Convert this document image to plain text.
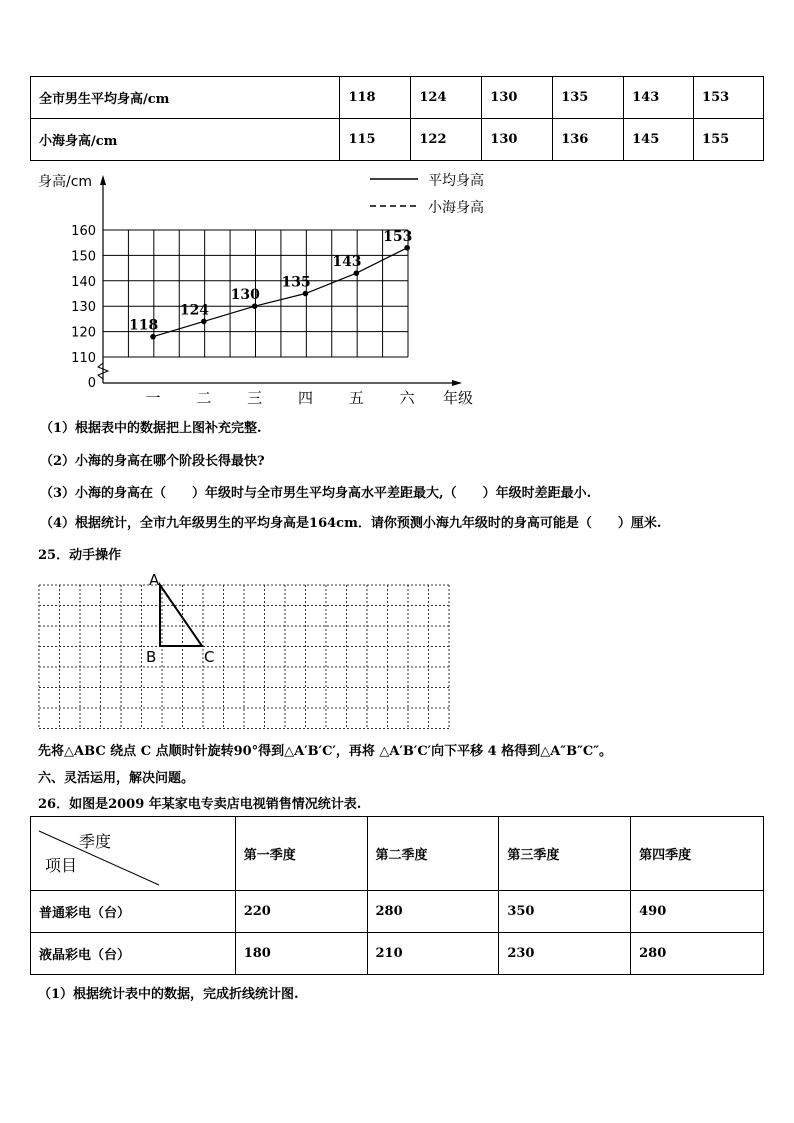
全市男生平均身高/cm	118	124	130	135	143	153
小海身高/cm	115	122	130	136	145	155
身高/cm	平均身高
小海身高
160
150
140
130
120
110
0
一 二 三 四 五 六 年级
118
124
130
135
143
153
（1）根据表中的数据把上图补充完整.
（2）小海的身高在哪个阶段长得最快?
（3）小海的身高在（　　）年级时与全市男生平均身高水平差距最大,（　　）年级时差距最小.
（4）根据统计，全市九年级男生的平均身高是164cm．请你预测小海九年级时的身高可能是（　　）厘米.
25．动手操作
A
B	C
先将△ABC 绕点 C 点顺时针旋转90°得到△A′B′C′，再将 △A′B′C′向下平移 4 格得到△A″B″C″。
六、灵活运用，解决问题。
26．如图是2009 年某家电专卖店电视销售情况统计表.
季度
项目	第一季度	第二季度	第三季度	第四季度
普通彩电（台）	220	280	350	490
液晶彩电（台）	180	210	230	280
（1）根据统计表中的数据，完成折线统计图.
